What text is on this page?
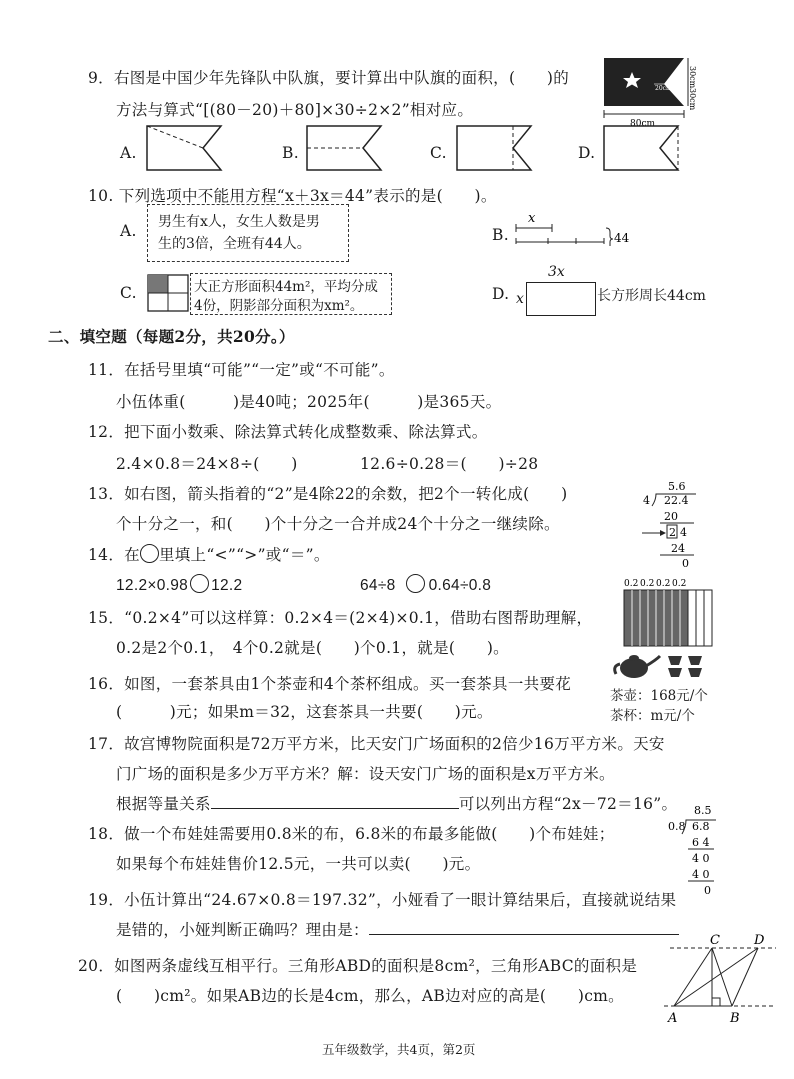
9．右图是中国少年先锋队中队旗，要计算出中队旗的面积，(　　)的
方法与算式“[(80－20)＋80]×30÷2×2”相对应。
30cm
30cm
20cm
80cm
A.	B.	C.	D.
10. 下列选项中不能用方程“x＋3x＝44”表示的是(　　)。
A. 男生有x人，女生人数是男
生的3倍，全班有44人。	B.
x
44
C.	大正方形面积44m²，平均分成
4份，阴影部分面积为xm²。
D.
3x
x	长方形周长44cm
二、填空题（每题2分，共20分。）
11．在括号里填“可能”“一定”或“不可能”。
小伍体重(　　　)是40吨；2025年(　　　)是365天。
12．把下面小数乘、除法算式转化成整数乘、除法算式。
2.4×0.8＝24×8÷(　　)	12.6÷0.28＝(　　)÷28
13．如右图，箭头指着的“2”是4除22的余数，把2个一转化成(　　)
个十分之一，和(　　)个十分之一合并成24个十分之一继续除。
5.6
4 22.4
20
2 4
24
0
14．在 里填上“<”“>”或“＝”。
12.2×0.98 12.2	64÷8 0.64÷0.8
15．“0.2×4”可以这样算：0.2×4＝(2×4)×0.1，借助右图帮助理解，
0.2是2个0.1，　4个0.2就是(　　)个0.1，就是(　　)。
0.2 0.2 0.2 0.2
16．如图，一套茶具由1个茶壶和4个茶杯组成。买一套茶具一共要花
(　　　)元；如果m＝32，这套茶具一共要(　　)元。
茶壶：168元/个
茶杯：m元/个
17．故宫博物院面积是72万平方米，比天安门广场面积的2倍少16万平方米。天安
门广场的面积是多少万平方米？解：设天安门广场的面积是x万平方米。
根据等量关系	可以列出方程“2x－72＝16”。
18．做一个布娃娃需要用0.8米的布，6.8米的布最多能做(　　)个布娃娃；
如果每个布娃娃售价12.5元，一共可以卖(　　)元。
8.5
0.8 6.8
6 4
4 0
4 0
0
19．小伍计算出“24.67×0.8＝197.32”，小娅看了一眼计算结果后，直接就说结果
是错的，小娅判断正确吗？理由是：
20．如图两条虚线互相平行。三角形ABD的面积是8cm²，三角形ABC的面积是
(　　)cm²。如果AB边的长是4cm，那么，AB边对应的高是(　　)cm。
C	D
A	B
五年级数学，共4页，第2页
